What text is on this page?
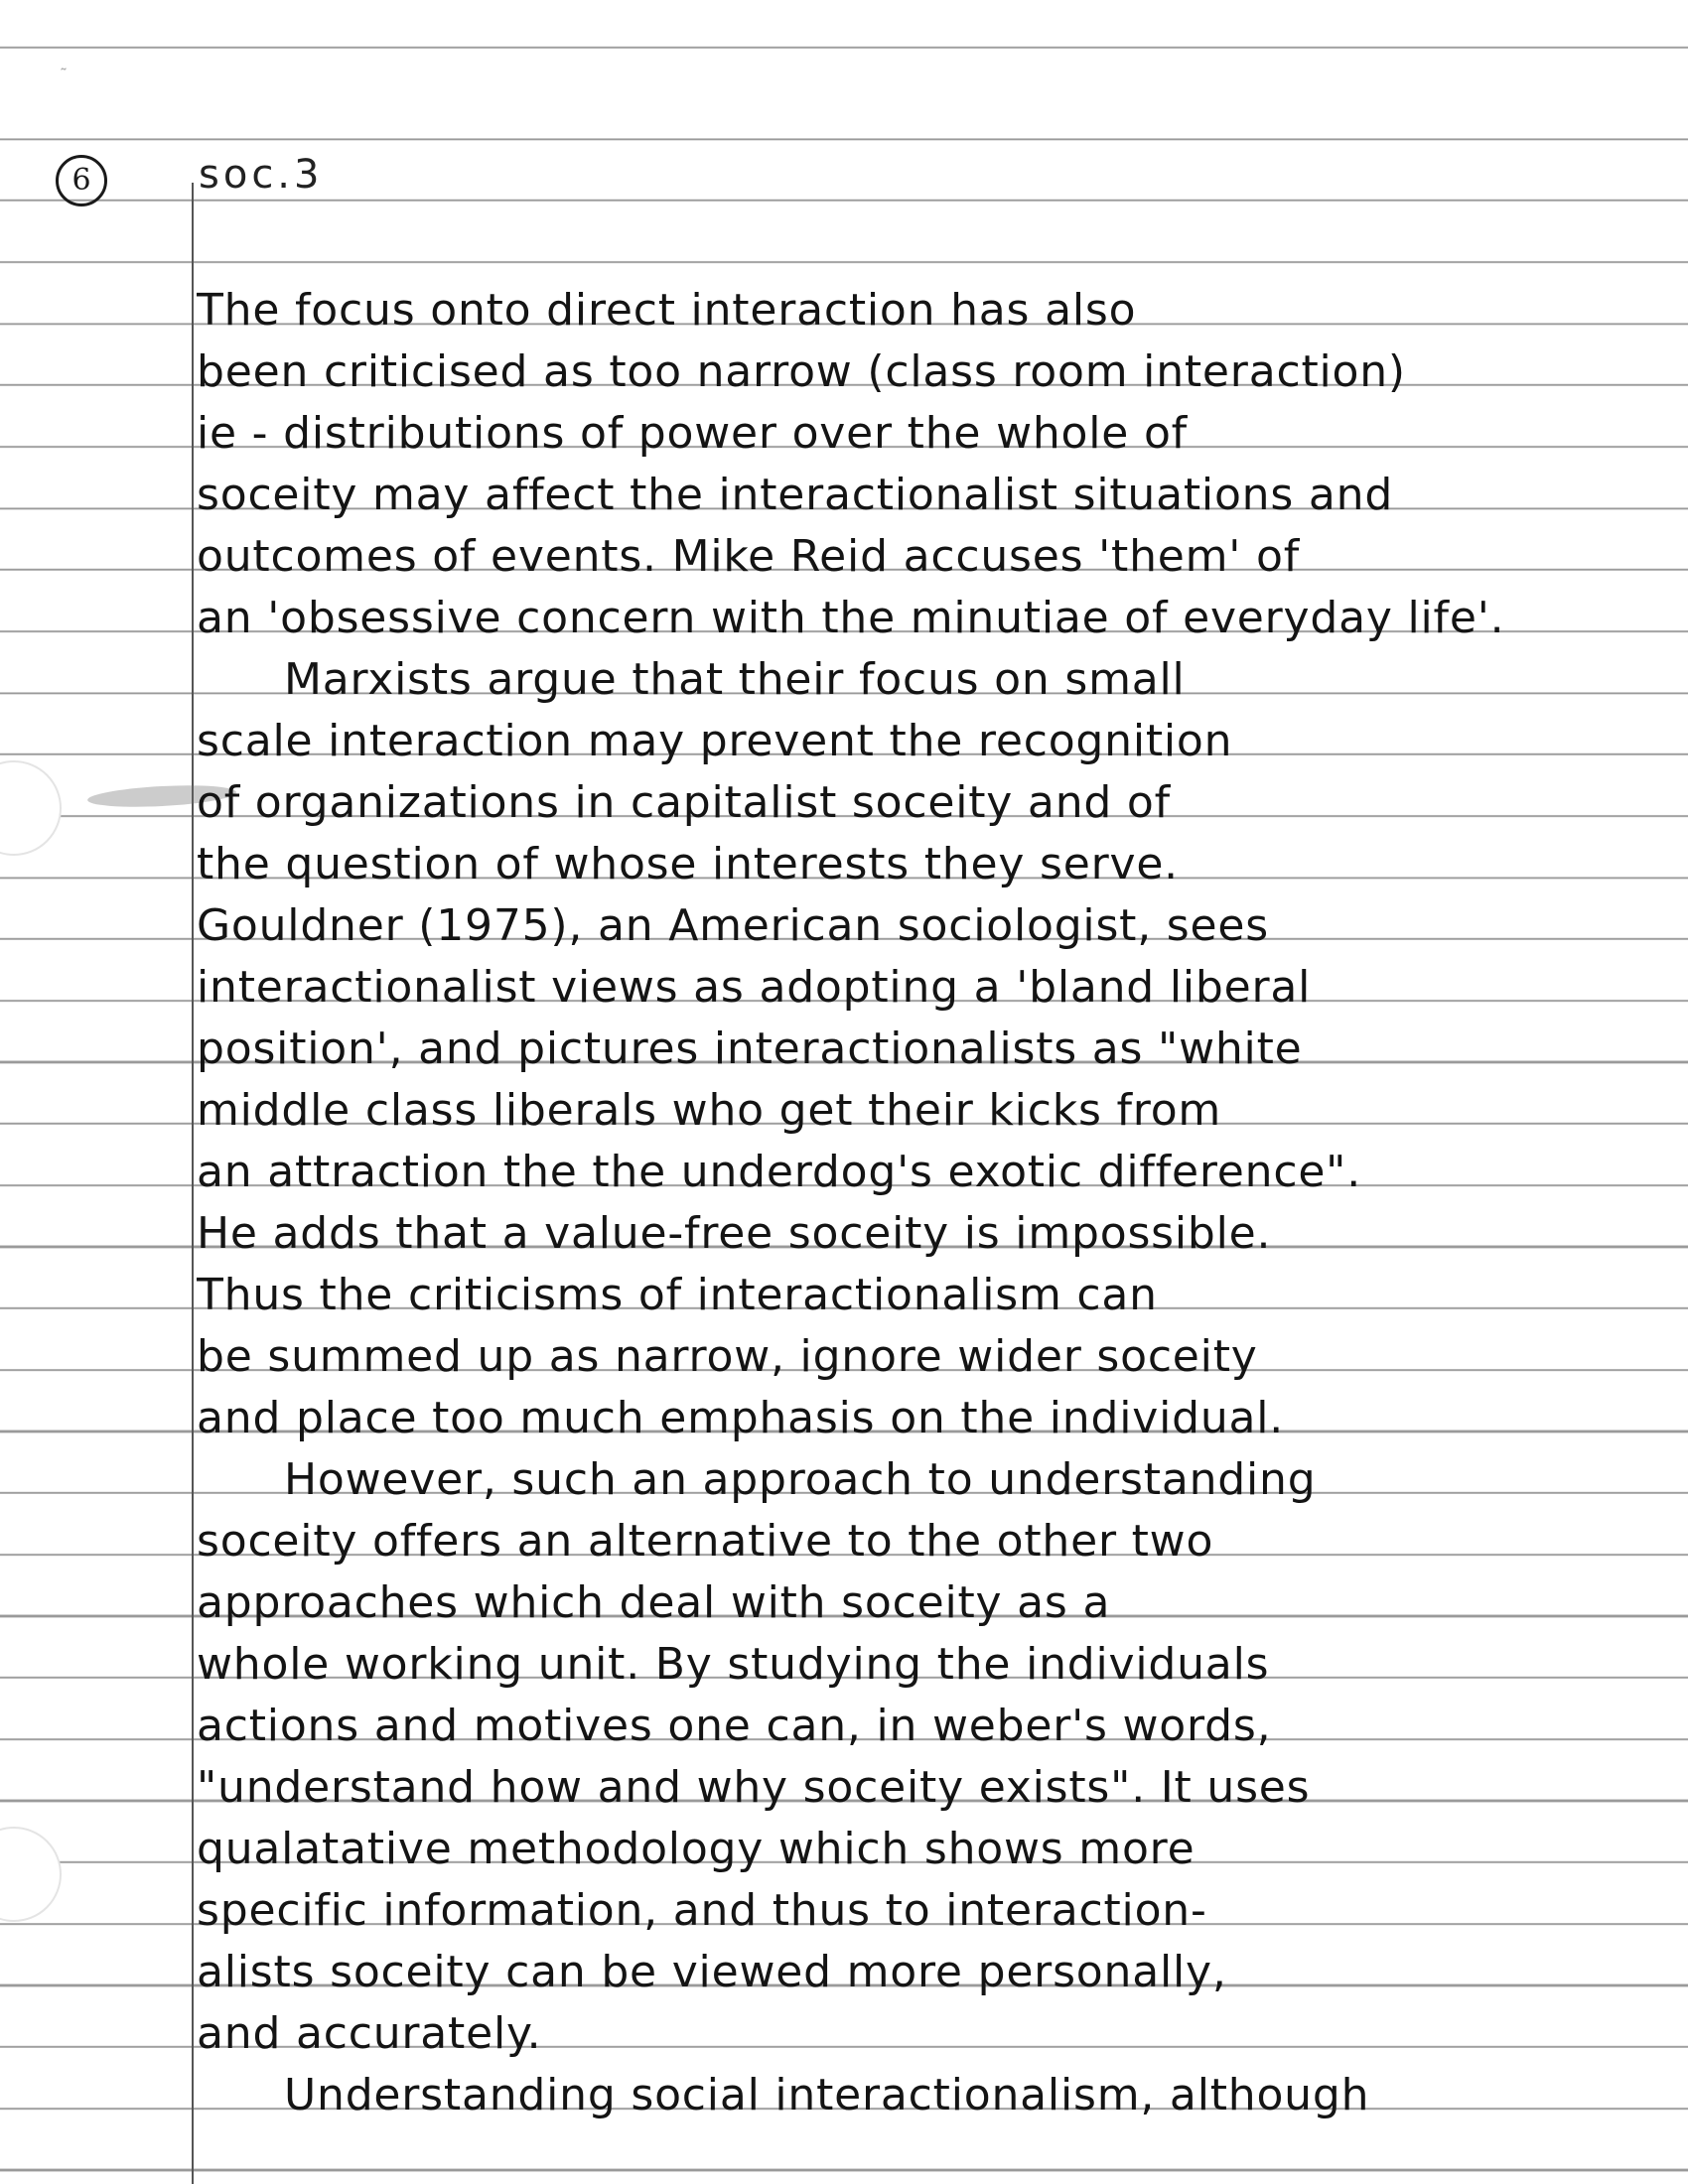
˜
6	soc.3
The focus onto direct interaction has also
been criticised as too narrow (class room interaction)
ie - distributions of power over the whole of
soceity may affect the interactionalist situations and
outcomes of events. Mike Reid accuses 'them' of
an 'obsessive concern with the minutiae of everyday life'.
Marxists argue that their focus on small
scale interaction may prevent the recognition
of organizations in capitalist soceity and of
the question of whose interests they serve.
Gouldner (1975), an American sociologist, sees
interactionalist views as adopting a 'bland liberal
position', and pictures interactionalists as "white
middle class liberals who get their kicks from
an attraction the the underdog's exotic difference".
He adds that a value-free soceity is impossible.
Thus the criticisms of interactionalism can
be summed up as narrow, ignore wider soceity
and place too much emphasis on the individual.
However, such an approach to understanding
soceity offers an alternative to the other two
approaches which deal with soceity as a
whole working unit. By studying the individuals
actions and motives one can, in weber's words,
"understand how and why soceity exists". It uses
qualatative methodology which shows more
specific information, and thus to interaction-
alists soceity can be viewed more personally,
and accurately.
Understanding social interactionalism, although
